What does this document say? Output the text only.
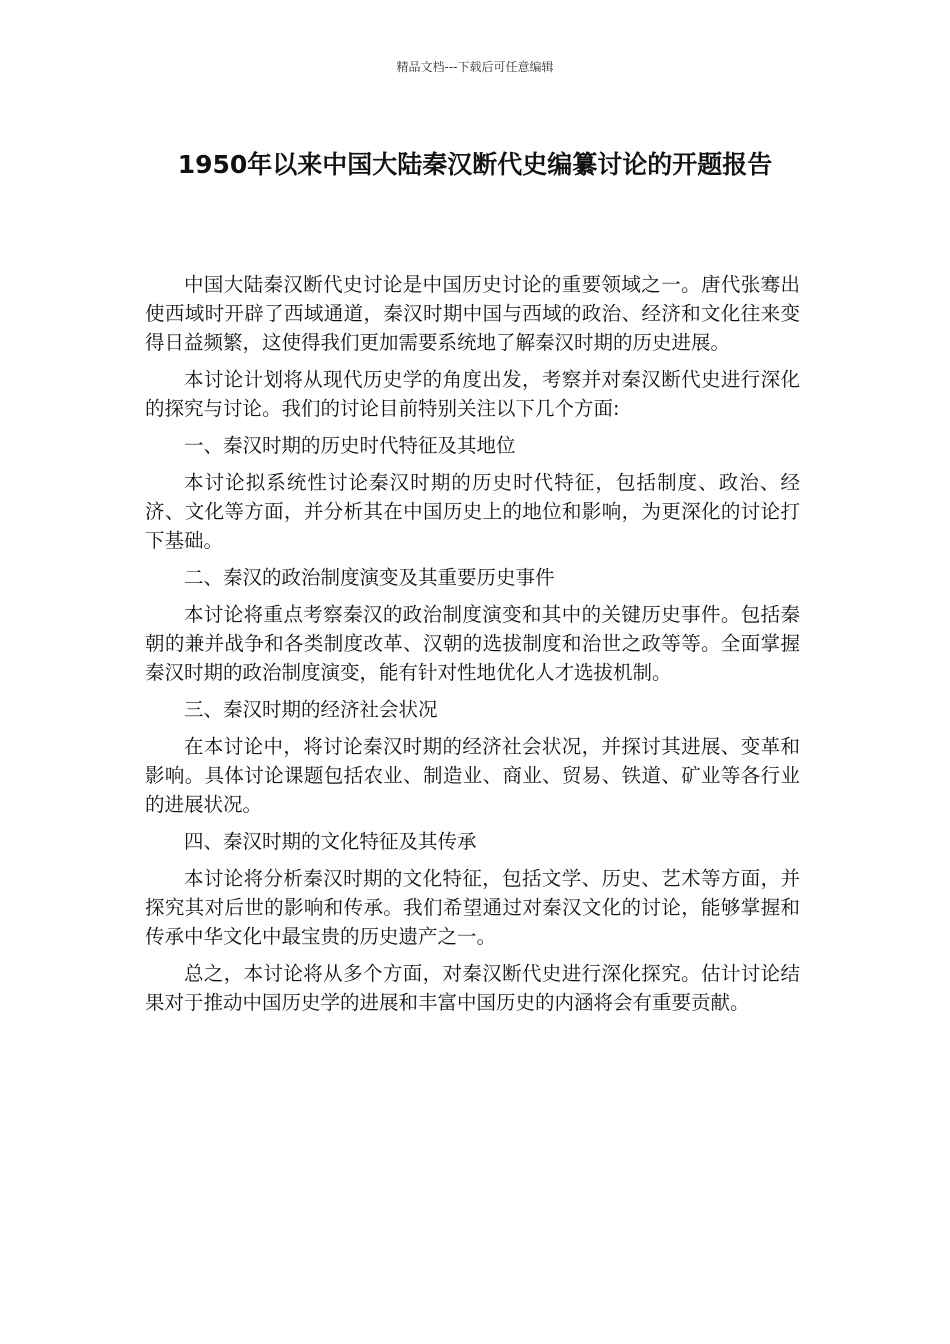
精品文档---下载后可任意编辑
1950年以来中国大陆秦汉断代史编纂讨论的开题报告

中国大陆秦汉断代史讨论是中国历史讨论的重要领域之一。唐代张骞出使西域时开辟了西域通道，秦汉时期中国与西域的政治、经济和文化往来变得日益频繁，这使得我们更加需要系统地了解秦汉时期的历史进展。

本讨论计划将从现代历史学的角度出发，考察并对秦汉断代史进行深化的探究与讨论。我们的讨论目前特别关注以下几个方面:

一、秦汉时期的历史时代特征及其地位

本讨论拟系统性讨论秦汉时期的历史时代特征，包括制度、政治、经济、文化等方面，并分析其在中国历史上的地位和影响，为更深化的讨论打下基础。

二、秦汉的政治制度演变及其重要历史事件

本讨论将重点考察秦汉的政治制度演变和其中的关键历史事件。包括秦朝的兼并战争和各类制度改革、汉朝的选拔制度和治世之政等等。全面掌握秦汉时期的政治制度演变，能有针对性地优化人才选拔机制。

三、秦汉时期的经济社会状况

在本讨论中，将讨论秦汉时期的经济社会状况，并探讨其进展、变革和影响。具体讨论课题包括农业、制造业、商业、贸易、铁道、矿业等各行业的进展状况。

四、秦汉时期的文化特征及其传承

本讨论将分析秦汉时期的文化特征，包括文学、历史、艺术等方面，并探究其对后世的影响和传承。我们希望通过对秦汉文化的讨论，能够掌握和传承中华文化中最宝贵的历史遗产之一。

总之，本讨论将从多个方面，对秦汉断代史进行深化探究。估计讨论结果对于推动中国历史学的进展和丰富中国历史的内涵将会有重要贡献。
